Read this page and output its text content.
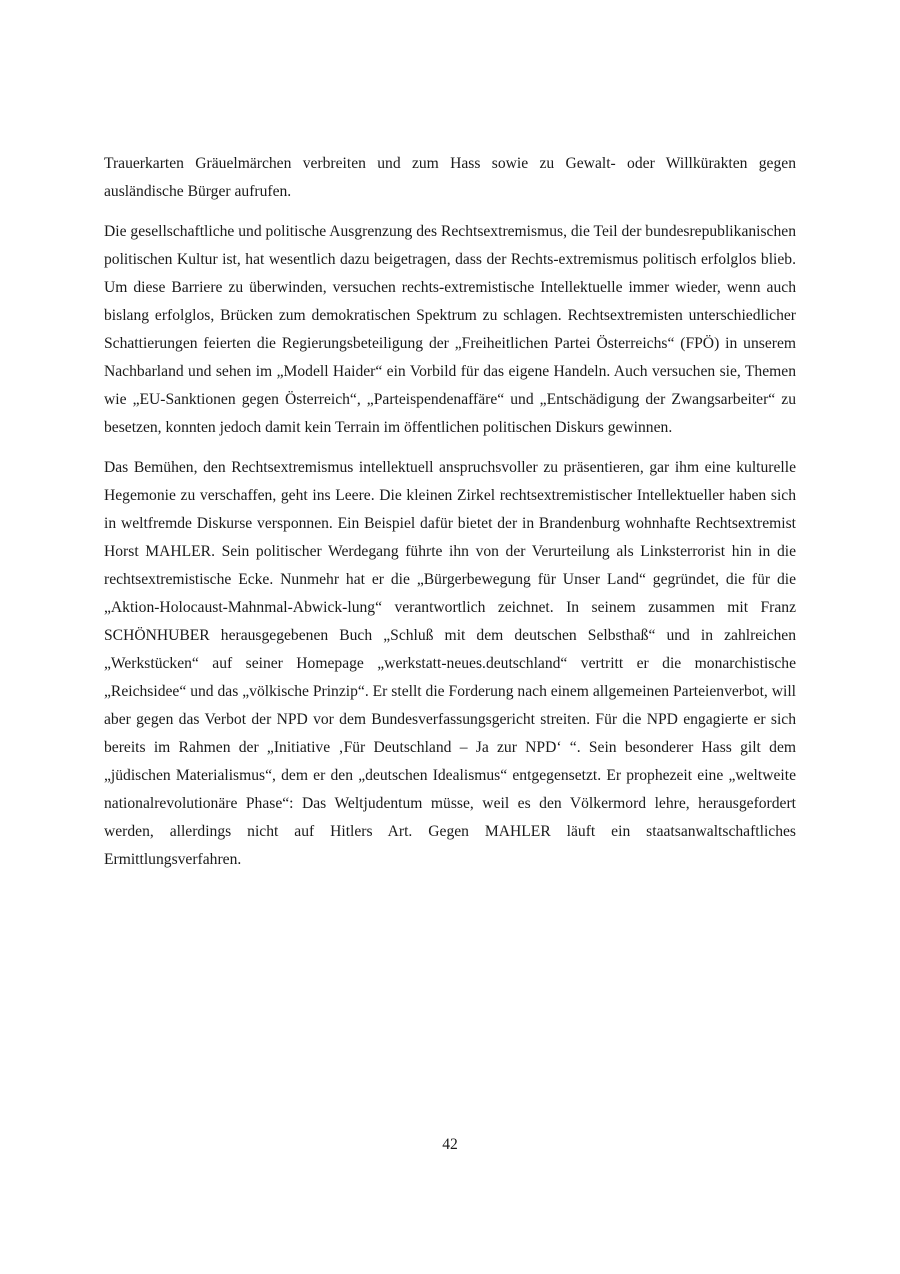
Trauerkarten Gräuelmärchen verbreiten und zum Hass sowie zu Gewalt- oder Willkürakten gegen ausländische Bürger aufrufen.

Die gesellschaftliche und politische Ausgrenzung des Rechtsextremismus, die Teil der bundesrepublikanischen politischen Kultur ist, hat wesentlich dazu beigetragen, dass der Rechts-extremismus politisch erfolglos blieb. Um diese Barriere zu überwinden, versuchen rechts-extremistische Intellektuelle immer wieder, wenn auch bislang erfolglos, Brücken zum demokratischen Spektrum zu schlagen. Rechtsextremisten unterschiedlicher Schattierungen feierten die Regierungsbeteiligung der „Freiheitlichen Partei Österreichs“ (FPÖ) in unserem Nachbarland und sehen im „Modell Haider“ ein Vorbild für das eigene Handeln. Auch versuchen sie, Themen wie „EU-Sanktionen gegen Österreich“, „Parteispendenaffäre“ und „Entschädigung der Zwangsarbeiter“ zu besetzen, konnten jedoch damit kein Terrain im öffentlichen politischen Diskurs gewinnen.

Das Bemühen, den Rechtsextremismus intellektuell anspruchsvoller zu präsentieren, gar ihm eine kulturelle Hegemonie zu verschaffen, geht ins Leere. Die kleinen Zirkel rechtsextremistischer Intellektueller haben sich in weltfremde Diskurse versponnen. Ein Beispiel dafür bietet der in Brandenburg wohnhafte Rechtsextremist Horst MAHLER. Sein politischer Werdegang führte ihn von der Verurteilung als Linksterrorist hin in die rechtsextremistische Ecke. Nunmehr hat er die „Bürgerbewegung für Unser Land“ gegründet, die für die „Aktion-Holocaust-Mahnmal-Abwick-lung“ verantwortlich zeichnet. In seinem zusammen mit Franz SCHÖNHUBER herausgegebenen Buch „Schluß mit dem deutschen Selbsthaß“ und in zahlreichen „Werkstücken“ auf seiner Homepage „werkstatt-neues.deutschland“ vertritt er die monarchistische „Reichsidee“ und das „völkische Prinzip“. Er stellt die Forderung nach einem allgemeinen Parteienverbot, will aber gegen das Verbot der NPD vor dem Bundesverfassungsgericht streiten. Für die NPD engagierte er sich bereits im Rahmen der „Initiative ‚Für Deutschland – Ja zur NPD‘ “. Sein besonderer Hass gilt dem „jüdischen Materialismus“, dem er den „deutschen Idealismus“ entgegensetzt. Er prophezeit eine „weltweite nationalrevolutionäre Phase“: Das Weltjudentum müsse, weil es den Völkermord lehre, herausgefordert werden, allerdings nicht auf Hitlers Art. Gegen MAHLER läuft ein staatsanwaltschaftliches Ermittlungsverfahren.

42
